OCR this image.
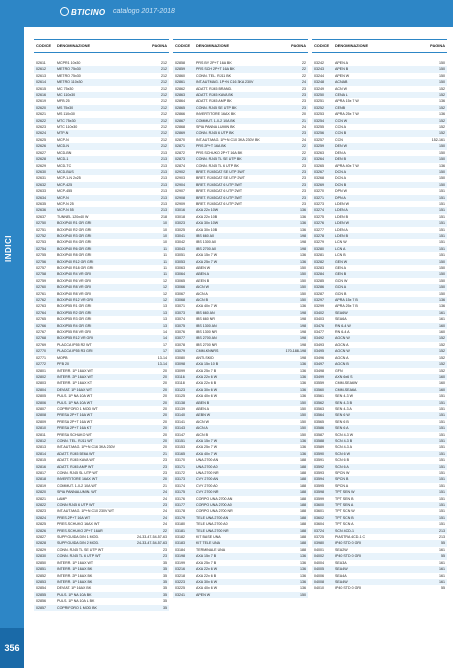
BTICINO catalogo 2017-2018
INDICI
356
CODICE DENOMINAZIONE	PAGINA
02611	MCPR1 10x30	212
02612	METRO 75x30	212
02613	METRO 75x30	212
02614	METRO 110x30	212
02615	MC 75x30	212
02616	MC 110x30	212
02619	MFB 25	212
02620	MS 75x30	212
02621	MS 110x30	212
02622	MTC 75x30	212
02623	MTC 110x30	212
02624	MTP-N	212
02625	MCP-N	212
02626	MCD-N	212
02627	MCD-BN	213
02628	MCD-1	213
02629	MCD-TC	213
02630	MCD-BUS	213
02631	MCP-1-N 2x25	213
02632	MCP-425	213
02633	MCP-455	213
02634	MCP-N	213
02635	MCP-N 25	213
02636	MCP-N 55	213
02637	TUNNEL 120x40 W	218
02750	BOXIP40 R1 GR GRI	10
02751	BOXIP40 R2 GR GRI	10
02752	BOXIP40 R3 GR GRI	10
02753	BOXIP40 R4 GR GRI	10
02754	BOXIP40 R6 GR GRI	11
02755	BOXIP40 R8 GR GRI	11
02756	BOXIP40 R12 GR GRI	11
02757	BOXIP40 R18 GR GRI	11
02758	BOXIP40 R4 VR GRI	11
02759	BOXIP40 R6 VR GRI	12
02760	BOXIP40 R8 VR GRI	12
02761	BOXIP40 R8 VR GRI	12
02762	BOXIP40 R12 VR GRI	12
02763	BOXIP55 R1 GR GRI	13
02764	BOXIP55 R2 GR GRI	13
02765	BOXIP55 R3 GR GRI	13
02766	BOXIP55 R4 GR GRI	13
02767	BOXIP55 R8 VR GRI	14
02768	BOXIP55 R12 VR GRI	14
02769	PLACCA IP55 R2 WT	17
02770	PLACCA IP55 R3 GRI	17
02771	MOPB	13-14
02772	PFB 20	13-14
02801	INTERR. 1P 16AX WT	20
02802	INTERR. 2P 16AX WT	20
02803	INTERR. 1P 16AX KT	20
02804	DEVIAT. 1P 16AX WT	20
02805	PULS. 1P NA 10A WT	20
02806	PULS. 1P NA 10A WT	20
02807	COPRIFORO 1 MOD WT	20
02808	PRESA 2P+T 16A WT	20
02809	PRESA 2P+T 16A WT	20
02810	PRESA 2P+T 16A KT	20
02811	PRESA SCHUKO WT	20
02812	CONN. TEL. RJ11 WT	20
02813	INT.AUT.MAG. 1P+N C16 3KA 230V	20
02814	ADATT. RJ45 5E6A WT	21
02815	ADATT. RJ45 KAVA WT	23
02816	ADATT. RJ45 AMP WT	23
02817	CONN. RJ45 SL UTP WT	23
02818	INVERTITORE 16AX WT	20
02819	COMMUT. 1-0-2 10A WT	21
02820	SPIA PANNALUMIN. WT	24
02821	LAMP	24
02822	CONN RJ45 6 UTP WT	23
02823	INT.AUT.MAG. 1P+N C10 230V WT	24
02824	PRES.2P+T 16A WT	24
02825	PRES.SCHUKO 16AX WT	24
02826	PRES.SCHUKO 2P+T 16AR	22
02827	SUPP.GUIDA DIN 1 MOD.	24-33-47-54-57-63
02828	SUPP.GUIDA DIN 2 MOD.	24-33-47-54-57-63
02829	CONN. RJ45 TL SE UTP WT	23
02830	CONN. RJ45 TL 6 UTP WT	23
02850	INTERR. 1P 16AX WT	35
02851	INTERR. 1P 16AX BK	35
02852	INTERR. 2P 16AX BK	35
02853	INTERR. 1P 16AX BK	35
02854	DEVIAT. 1P 16AX BK	35
02855	PULS. 1P NA 10A BK	35
02856	PULS. 1P NA 10A L BK	35
02857	COPRIFORO 1 MOD BK	35
CODICE DENOMINAZIONE	PAGINA
02858	PRS BY 2P+T 16A BK	22
02859	PRS SCH 2P+T 16A BK	22
02860	CONN. TEL. RJ11 BK	22
02861	INT.AUTMAG. 1P+N C16 3KA 230V	24
02862	ADATT. RJ45 BRAND.	23
02863	ADATT. RJ45 KAVA BK	23
02864	ADATT. RJ45 AMP BK	23
02865	CONN. RJ45 SE UTP BK	23
02866	INVERTITORE 16AX BK	20
02867	COMMUT. 1-0-2 10A BK	21
02868	SPIA PANNA LUMIN BK	24
02869	CONN. RJ45 6 UTP BK	23
02870	INT.AUT.MAG. 1P+N C10 3KA 230V BK	24
02871	PRS 2P+T 16A BK	22
02872	PRS SCHUKO 2P+T 16A BK	22
02873	CONN. RJ45 TL SE UTP BK	23
02874	CONN. RJ45 TL 6 UTP BK	23
02902	BRET. RJ45CAT SE UTP 3WT	23
02903	BRET. RJ45CAT SE UTP 2WT	23
02904	BRET. RJ45CAT 6 UTP 3WT	23
02907	BRET. RJ45CAT 6 UTP 2WT	23
02908	BRET. RJ45CAT 6 UTP 3WT	23
02909	BRET. RJ45CAT 6 UTP 2WT	23
03016	AXA 22x 10W	136
03018	AXA 22x 10B	136
03023	AXA 30x 10W	136
03025	AXA 30x 10B	136
03041	IBS 660 A0	198
03042	IBS 1300 A0	198
03043	IBS 2700 A0	198
03051	AXA 15x 7 W	136
03053	AXA 25x 7 W	136
03063	ABEN W	150
03064	ABEN A	150
03065	AEEN B	150
03066	AICN W	150
03067	AICN A	150
03068	AICN B	150
03071	AXA 40x 7 W	136
03073	IBS 660 AN	198
03074	IBS 660 NR	198
03075	IBS 1300 AN	198
03076	IBS 1300 NR	198
03077	IBS 2700 AN	198
03078	IBS 2700 NR	198
03079	CMM-KNNRS	170-188-198
03080	ANTI-SKID	198
03098	AXA 15x 10 B	136
03099	AXA 25x 7 B	136
03116	AXA 22x 6 W	136
03118	AXA 22x 6 B	136
03123	AXA 30x 6 W	136
03125	AXA 40x 6 W	136
03138	ABEN B	150
03139	ABEN A	150
03140	AEBN W	150
03141	AICN W	150
03143	AICN A	150
03147	AICN B	150
03151	AXA 15x 7 W	136
03153	AXA 25x 7 W	136
03165	AXA 40x 7 W	136
03170	UNA 2700 AN	188
03171	UNA 2700 A0	188
03172	UNA 2700 NR	188
03173	CVY 2700 AN	188
03174	CVY 2700 A0	188
03175	CVY 2700 NR	188
03176	CORPO UNA 2700 AN	188
03177	CORPO UNA 2700 A0	188
03178	CORPO UNA 2700 NR	188
03179	TELE UNA 2700 AN	188
03180	TELE UNA 2700 A0	188
03181	TELE UNA 2700 NR	188
03182	KIT BASE UNA	188
03183	KIT TELE UNA	188
03184	TERMINALE UNA	188
03198	AXA 15x 7 B	136
03199	AXA 25x 7 B	136
03216	AXA 22x 6 W	136
03218	AXA 22x 6 B	136
03223	AXA 30x 6 W	136
03225	AXA 40x 6 W	136
03241	APEN W	150
CODICE DENOMINAZIONE	PAGINA
03242	APEN A	150
03243	APEN B	150
03244	APEN W	150
03248	ACNAB	150
03249	ACN W	152
03250	CENA L	152
03251	APRA 15x 7 W	136
03252	CENB	152
03253	APRA 25x 7 W	136
03254	CCN W	152
03255	CCN A	152
03256	CCN B	152
03257	CCN	152-161
03259	DEN W	150
03263	DEN A	150
03264	DEN B	150
03265	APRA 40x 7 W	136
03267	DCN A	150
03268	DCN A	150
03269	DCN B	150
03270	DPN W	151
03271	DPN A	151
03273	LDEN W	151
03274	LDEN A	151
03275	LDEN B	151
03276	LDEN W	151
03277	LDEN A	151
03278	LDEN B	151
03279	LCN W	151
03280	LCN A	151
03281	LCN B	151
03282	GEN W	150
03283	GEN A	150
03284	GEN B	150
03285	GCN W	150
03286	GCN A	150
03287	GCN B	150
03297	APRA 15x 7 B	136
03299	APRA 25x 7 B	136
03402	SEA6W	161
03403	SEA6A	161
03476	RN 6-4 W	160
03477	RN 6-4 A	160
03492	AGCN W	152
03493	AGCN A	152
03495	AGCN W	152
03496	AGCN A	152
03497	AGCN B	152
03498	GFN	152
03499	AXN 6x6 S	160
03559	CMM-SEA6W	160
03560	CMM-SEA6A	160
03561	SEN 4-3 W	151
03562	SEN 4-3 B	151
03563	SEN 4-3 A	151
03564	SEN 6 W	151
03565	SEN 6 B	151
03586	SEN 6 A	151
03587	SCN 4-3 W	151
03588	SCN 4-3 B	151
03589	SCN 4-3 A	151
03590	SCN 6 W	151
03591	SCN 6 B	151
03592	SCN 6 A	151
03593	SPCN W	151
03594	SPCN B	151
03595	SPCN A	151
03598	TPT SEN W	151
03599	TPT SEN B	151
03600	TPT SEN A	151
03601	TPT SCN W	151
03602	TPT SCN B	151
03604	TPT SCN A	151
03724	SCN 4CD-1	213
03725	PIASTRA 4CD-1 C	213
03980	IP40 STD 0 GRI	55
04001	SEA2W	161
04002	IP40 STD 0 GRI	55
04004	SEA3A	161
04005	SEA4W	161
04006	SEA4A	161
04008	SEA4W	161
04010	IP40 STD 0 GRI	55
